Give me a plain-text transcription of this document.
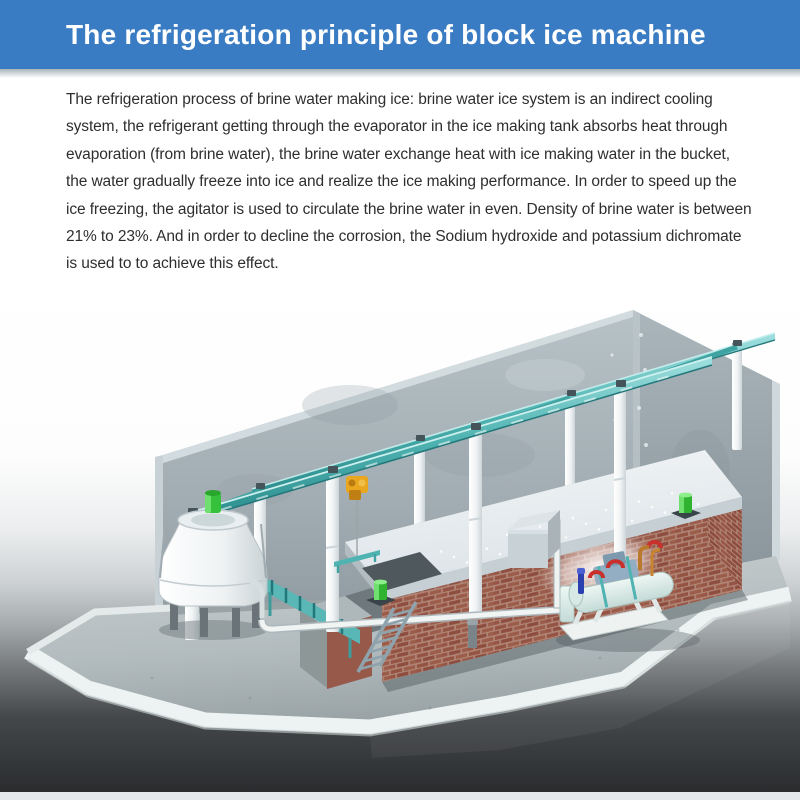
The refrigeration principle of block ice machine
The refrigeration process of brine water making ice: brine water ice system is an indirect cooling
system, the refrigerant getting through the evaporator in the ice making tank absorbs heat through
evaporation (from brine water), the brine water exchange heat with ice making water in the bucket,
the water gradually freeze into ice and realize the ice making performance. In order to speed up the
ice freezing, the agitator is used to circulate the brine water in even. Density of brine water is between
21% to 23%. And in order to decline the corrosion, the Sodium hydroxide and potassium dichromate
is used to to achieve this effect.
